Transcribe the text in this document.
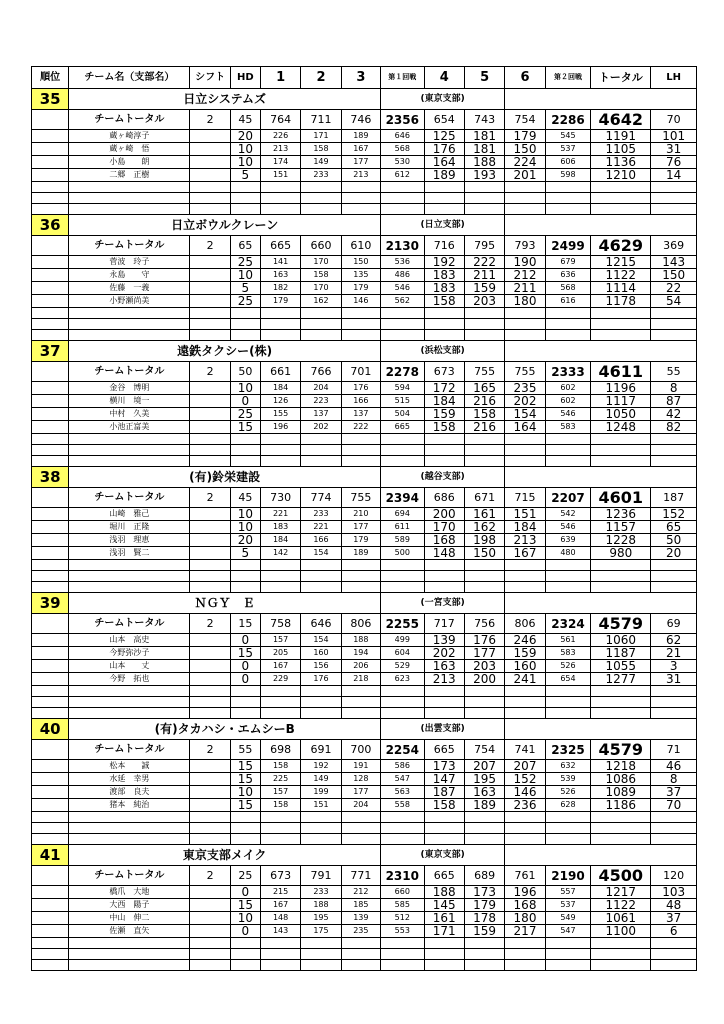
順位	チーム名（支部名）	シフト	HD	1	2	3	第１回戦	4	5	6	第２回戦	トータル	LH
35	日立システムズ						(東京支部)						
	チームトータル	2	45	764	711	746	2356	654	743	754	2286	4642	70
	蔵ヶ崎淳子		20	226	171	189	646	125	181	179	545	1191	101
	蔵ヶ崎　悟		10	213	158	167	568	176	181	150	537	1105	31
	小島　　朗		10	174	149	177	530	164	188	224	606	1136	76
	二郷　正樹		5	151	233	213	612	189	193	201	598	1210	14

36	日立ボウルクレーン						(日立支部)						
	チームトータル	2	65	665	660	610	2130	716	795	793	2499	4629	369
	菅波　玲子		25	141	170	150	536	192	222	190	679	1215	143
	永島　　守		10	163	158	135	486	183	211	212	636	1122	150
	佐藤　一義		5	182	170	179	546	183	159	211	568	1114	22
	小野瀬尚美		25	179	162	146	562	158	203	180	616	1178	54

37	遠鉄タクシー(株)						(浜松支部)						
	チームトータル	2	50	661	766	701	2278	673	755	755	2333	4611	55
	金谷　博明		10	184	204	176	594	172	165	235	602	1196	8
	横川　境一		0	126	223	166	515	184	216	202	602	1117	87
	中村　久美		25	155	137	137	504	159	158	154	546	1050	42
	小池正富美		15	196	202	222	665	158	216	164	583	1248	82

38	(有)鈴栄建設						(越谷支部)						
	チームトータル	2	45	730	774	755	2394	686	671	715	2207	4601	187
	山崎　雅己		10	221	233	210	694	200	161	151	542	1236	152
	堀川　正隆		10	183	221	177	611	170	162	184	546	1157	65
	浅羽　理恵		20	184	166	179	589	168	198	213	639	1228	50
	浅羽　賢二		5	142	154	189	500	148	150	167	480	980	20

39	ＮＧＹ　Ｅ						(一宮支部)						
	チームトータル	2	15	758	646	806	2255	717	756	806	2324	4579	69
	山本　高史		0	157	154	188	499	139	176	246	561	1060	62
	今野弥沙子		15	205	160	194	604	202	177	159	583	1187	21
	山本　　丈		0	167	156	206	529	163	203	160	526	1055	3
	今野　拓也		0	229	176	218	623	213	200	241	654	1277	31

40	(有)タカハシ・エムシーB						(出雲支部)						
	チームトータル	2	55	698	691	700	2254	665	754	741	2325	4579	71
	松本　　誠		15	158	192	191	586	173	207	207	632	1218	46
	水延　幸男		15	225	149	128	547	147	195	152	539	1086	8
	渡部　良夫		10	157	199	177	563	187	163	146	526	1089	37
	猪本　純治		15	158	151	204	558	158	189	236	628	1186	70

41	東京支部メイク						(東京支部)						
	チームトータル	2	25	673	791	771	2310	665	689	761	2190	4500	120
	橋爪　大地		0	215	233	212	660	188	173	196	557	1217	103
	大西　陽子		15	167	188	185	585	145	179	168	537	1122	48
	中山　伸二		10	148	195	139	512	161	178	180	549	1061	37
	佐瀬　直矢		0	143	175	235	553	171	159	217	547	1100	6
